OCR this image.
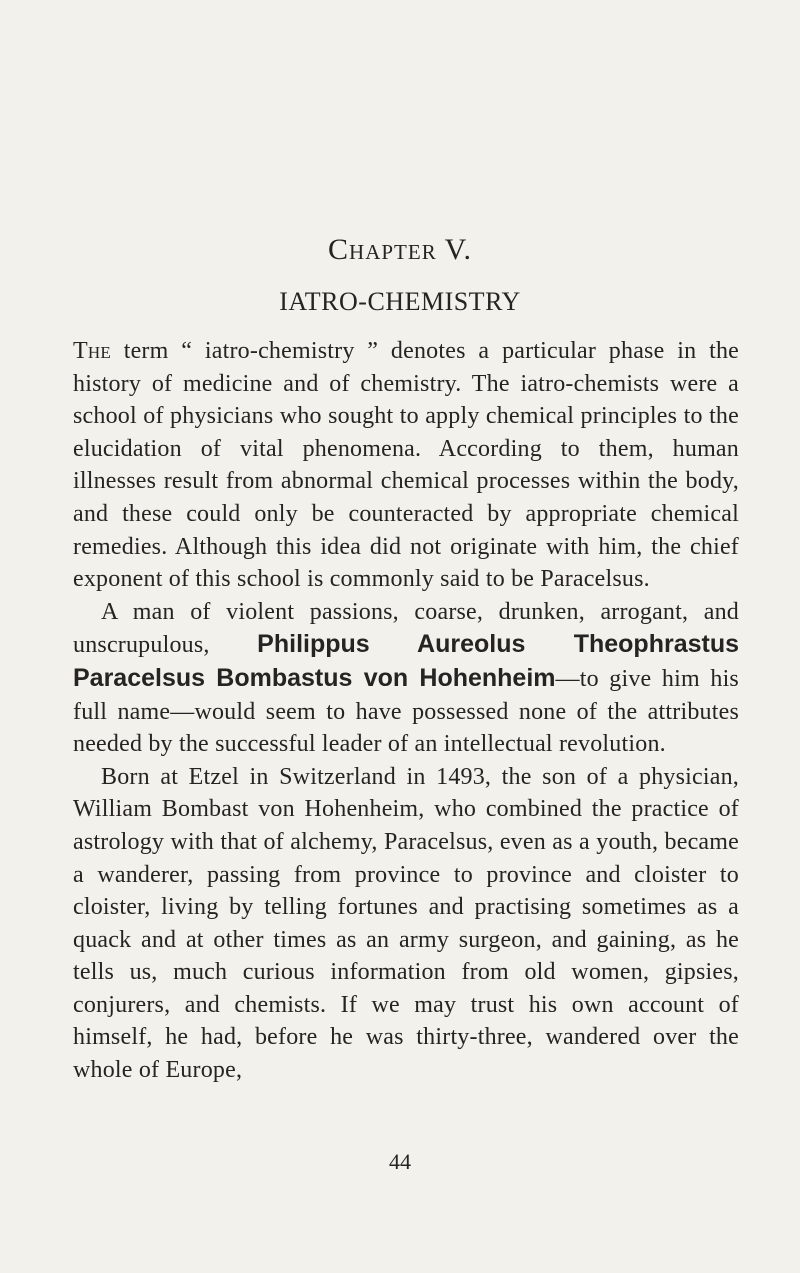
Chapter V.
IATRO-CHEMISTRY

The term “ iatro-chemistry ” denotes a particular phase in the history of medicine and of chemistry. The iatro-chemists were a school of physicians who sought to apply chemical principles to the elucidation of vital phenomena. According to them, human illnesses result from abnormal chemical processes within the body, and these could only be counteracted by appropriate chemical remedies. Although this idea did not originate with him, the chief exponent of this school is commonly said to be Paracelsus.

A man of violent passions, coarse, drunken, arrogant, and unscrupulous, Philippus Aureolus Theophrastus Paracelsus Bombastus von Hohenheim—to give him his full name—would seem to have possessed none of the attributes needed by the successful leader of an intellectual revolution.

Born at Etzel in Switzerland in 1493, the son of a physician, William Bombast von Hohenheim, who combined the practice of astrology with that of alchemy, Paracelsus, even as a youth, became a wanderer, passing from province to province and cloister to cloister, living by telling fortunes and practising sometimes as a quack and at other times as an army surgeon, and gaining, as he tells us, much curious information from old women, gipsies, conjurers, and chemists. If we may trust his own account of himself, he had, before he was thirty-three, wandered over the whole of Europe,

44
